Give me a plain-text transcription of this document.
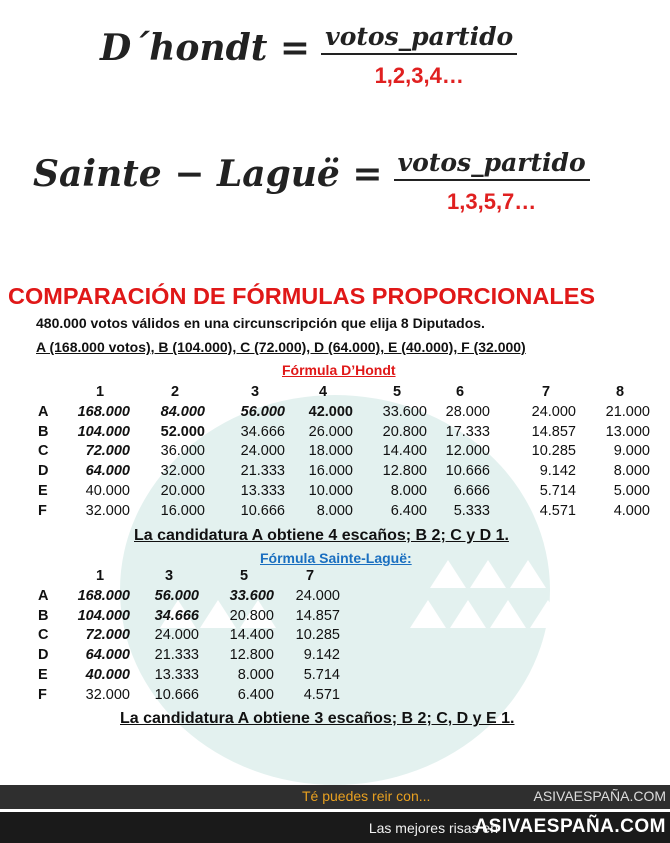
D´hondt = $\frac{\text{votos\_partido}}{1,2,3,4\dots}$
Sainte − Laguë = $\frac{\text{votos\_partido}}{1,3,5,7\dots}$
COMPARACIÓN DE FÓRMULAS PROPORCIONALES
480.000 votos válidos en una circunscripción que elija 8 Diputados.
A (168.000 votos), B (104.000), C (72.000), D (64.000), E (40.000), F (32.000)
Fórmula D’Hondt
1	2	3	4	5	6	7	8
A 168.000 84.000 56.000 42.000 33.600 28.000	24.000 21.000
B 104.000 52.000 34.666 26.000 20.800 17.333	14.857 13.000
C	72.000 36.000 24.000 18.000 14.400 12.000	10.285	9.000
D	64.000 32.000 21.333 16.000 12.800 10.666	9.142	8.000
E	40.000 20.000 13.333 10.000	8.000 6.666	5.714	5.000
F	32.000 16.000 10.666 8.000	6.400 5.333	4.571	4.000
La candidatura A obtiene 4 escaños; B 2; C y D 1.
Fórmula Sainte-Laguë:
1	3	5	7
A 168.000 56.000 33.600 24.000
B 104.000 34.666 20.800 14.857
C	72.000 24.000 14.400 10.285
D	64.000 21.333 12.800 9.142
E	40.000 13.333	8.000 5.714
F	32.000 10.666	6.400 4.571
La candidatura A obtiene 3 escaños; B 2; C, D y E 1.
Té puedes reir con...	ASIVAESPAÑA.COM
Las mejores risas en
ASIVAESPAÑA.COM
